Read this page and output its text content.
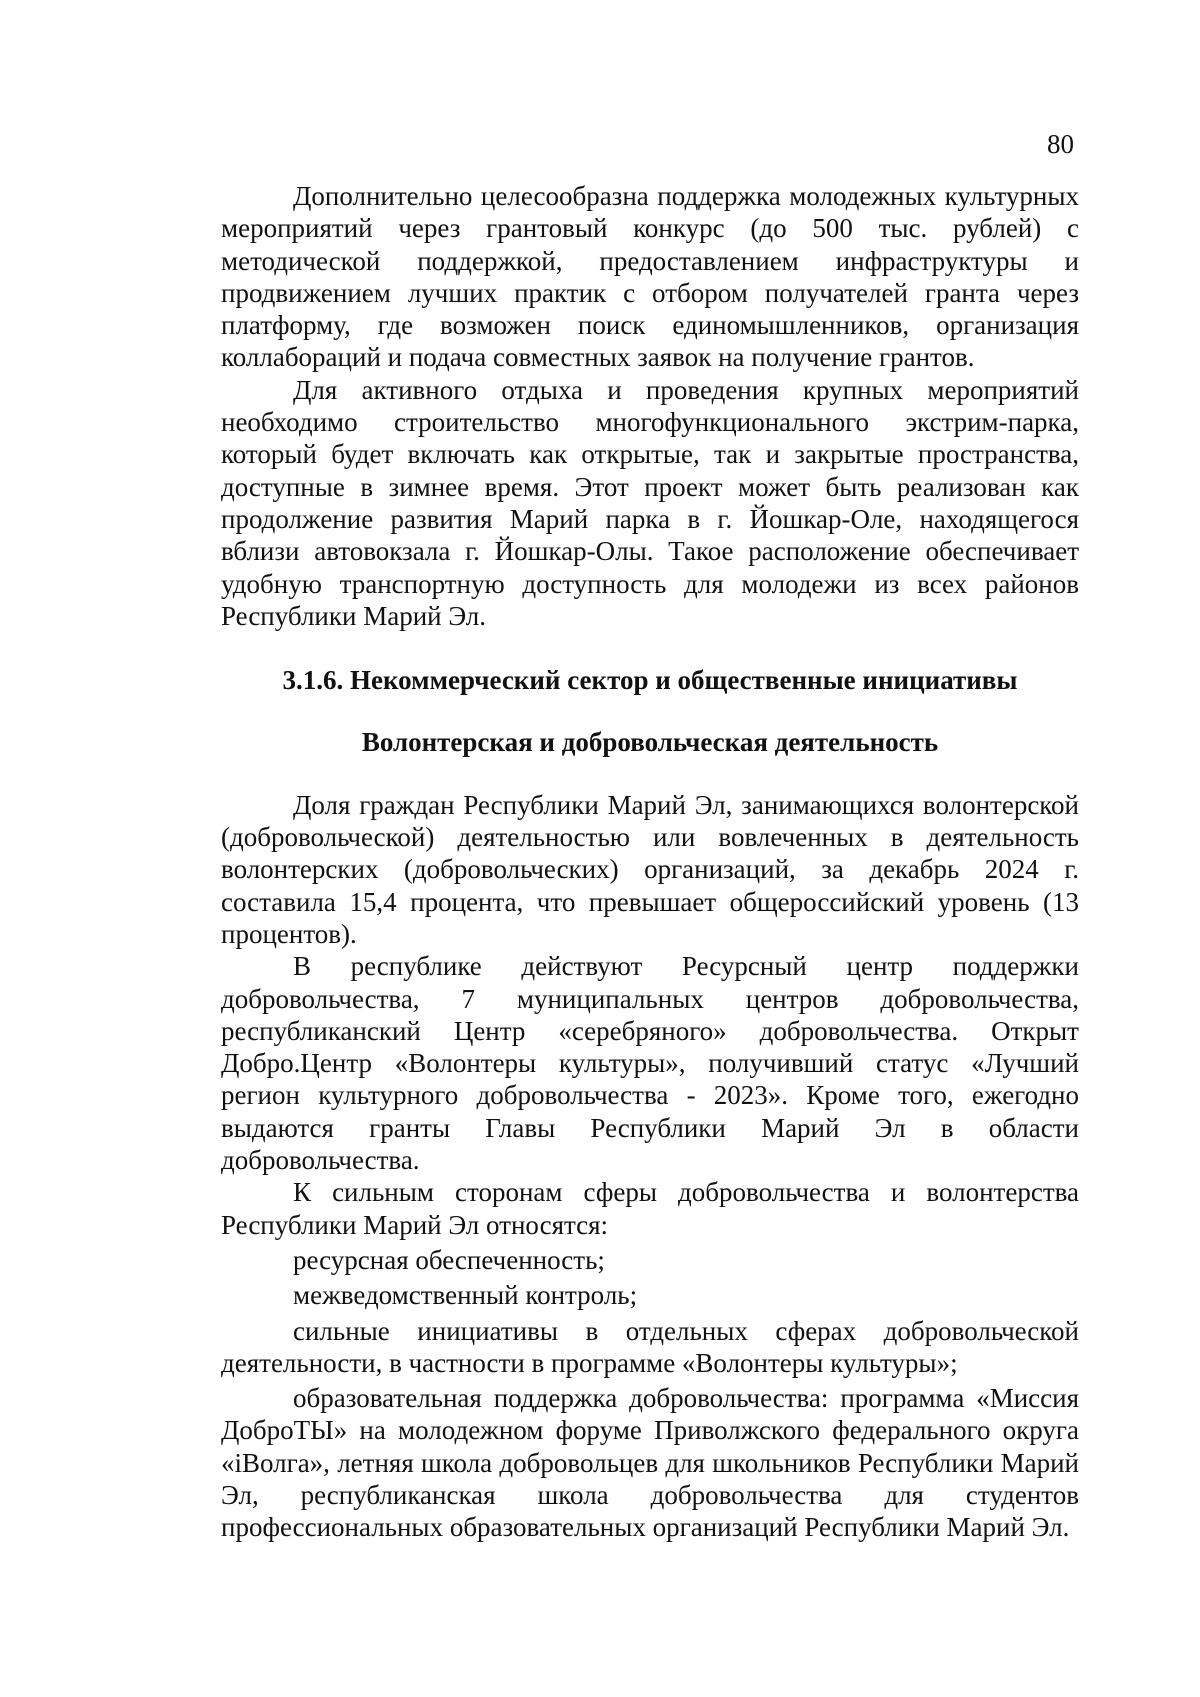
80

Дополнительно целесообразна поддержка молодежных культурных мероприятий через грантовый конкурс (до 500 тыс. рублей) с методической поддержкой, предоставлением инфраструктуры и продвижением лучших практик с отбором получателей гранта через платформу, где возможен поиск единомышленников, организация коллабораций и подача совместных заявок на получение грантов.

Для активного отдыха и проведения крупных мероприятий необходимо строительство многофункционального экстрим-парка, который будет включать как открытые, так и закрытые пространства, доступные в зимнее время. Этот проект может быть реализован как продолжение развития Марий парка в г. Йошкар-Оле, находящегося вблизи автовокзала г. Йошкар-Олы. Такое расположение обеспечивает удобную транспортную доступность для молодежи из всех районов Республики Марий Эл.

3.1.6. Некоммерческий сектор и общественные инициативы
Волонтерская и добровольческая деятельность

Доля граждан Республики Марий Эл, занимающихся волонтерской (добровольческой) деятельностью или вовлеченных в деятельность волонтерских (добровольческих) организаций, за декабрь 2024 г. составила 15,4 процента, что превышает общероссийский уровень (13 процентов).

В республике действуют Ресурсный центр поддержки добровольчества, 7 муниципальных центров добровольчества, республиканский Центр «серебряного» добровольчества. Открыт Добро.Центр «Волонтеры культуры», получивший статус «Лучший регион культурного добровольчества - 2023». Кроме того, ежегодно выдаются гранты Главы Республики Марий Эл в области добровольчества.

К сильным сторонам сферы добровольчества и волонтерства Республики Марий Эл относятся:

ресурсная обеспеченность;

межведомственный контроль;

сильные инициативы в отдельных сферах добровольческой деятельности, в частности в программе «Волонтеры культуры»;

образовательная поддержка добровольчества: программа «Миссия ДоброТЫ» на молодежном форуме Приволжского федерального округа «iВолга», летняя школа добровольцев для школьников Республики Марий Эл, республиканская школа добровольчества для студентов профессиональных образовательных организаций Республики Марий Эл.
